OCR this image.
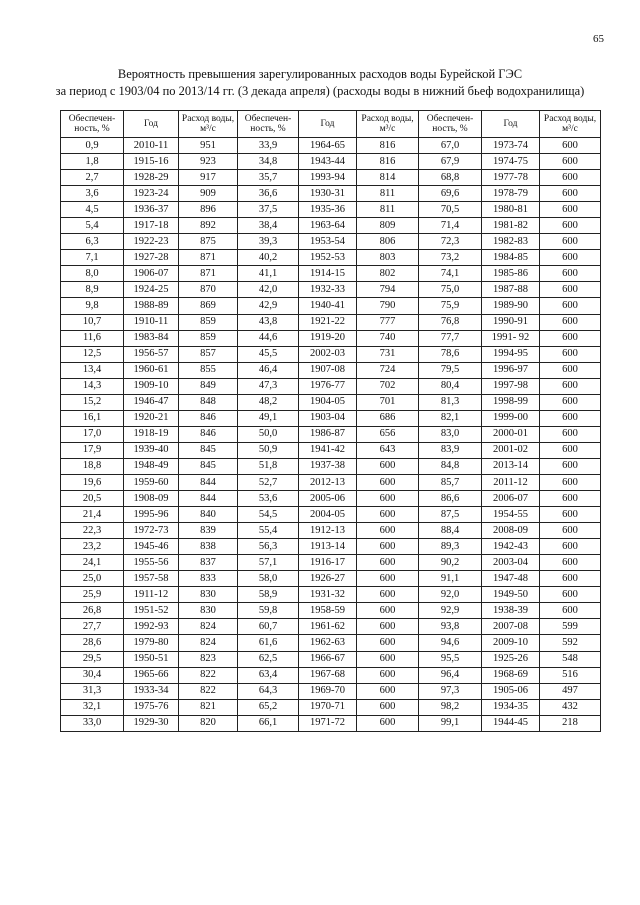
65
Вероятность превышения зарегулированных расходов воды Бурейской ГЭС
за период с 1903/04 по 2013/14 гг. (3 декада апреля) (расходы воды в нижний бьеф водохранилища)
Обеспечен-ность, %	Год	Расход воды, м³/с	Обеспечен-ность, %	Год	Расход воды, м³/с	Обеспечен-ность, %	Год	Расход воды, м³/с
0,9	2010-11	951	33,9	1964-65	816	67,0	1973-74	600
1,8	1915-16	923	34,8	1943-44	816	67,9	1974-75	600
2,7	1928-29	917	35,7	1993-94	814	68,8	1977-78	600
3,6	1923-24	909	36,6	1930-31	811	69,6	1978-79	600
4,5	1936-37	896	37,5	1935-36	811	70,5	1980-81	600
5,4	1917-18	892	38,4	1963-64	809	71,4	1981-82	600
6,3	1922-23	875	39,3	1953-54	806	72,3	1982-83	600
7,1	1927-28	871	40,2	1952-53	803	73,2	1984-85	600
8,0	1906-07	871	41,1	1914-15	802	74,1	1985-86	600
8,9	1924-25	870	42,0	1932-33	794	75,0	1987-88	600
9,8	1988-89	869	42,9	1940-41	790	75,9	1989-90	600
10,7	1910-11	859	43,8	1921-22	777	76,8	1990-91	600
11,6	1983-84	859	44,6	1919-20	740	77,7	1991- 92	600
12,5	1956-57	857	45,5	2002-03	731	78,6	1994-95	600
13,4	1960-61	855	46,4	1907-08	724	79,5	1996-97	600
14,3	1909-10	849	47,3	1976-77	702	80,4	1997-98	600
15,2	1946-47	848	48,2	1904-05	701	81,3	1998-99	600
16,1	1920-21	846	49,1	1903-04	686	82,1	1999-00	600
17,0	1918-19	846	50,0	1986-87	656	83,0	2000-01	600
17,9	1939-40	845	50,9	1941-42	643	83,9	2001-02	600
18,8	1948-49	845	51,8	1937-38	600	84,8	2013-14	600
19,6	1959-60	844	52,7	2012-13	600	85,7	2011-12	600
20,5	1908-09	844	53,6	2005-06	600	86,6	2006-07	600
21,4	1995-96	840	54,5	2004-05	600	87,5	1954-55	600
22,3	1972-73	839	55,4	1912-13	600	88,4	2008-09	600
23,2	1945-46	838	56,3	1913-14	600	89,3	1942-43	600
24,1	1955-56	837	57,1	1916-17	600	90,2	2003-04	600
25,0	1957-58	833	58,0	1926-27	600	91,1	1947-48	600
25,9	1911-12	830	58,9	1931-32	600	92,0	1949-50	600
26,8	1951-52	830	59,8	1958-59	600	92,9	1938-39	600
27,7	1992-93	824	60,7	1961-62	600	93,8	2007-08	599
28,6	1979-80	824	61,6	1962-63	600	94,6	2009-10	592
29,5	1950-51	823	62,5	1966-67	600	95,5	1925-26	548
30,4	1965-66	822	63,4	1967-68	600	96,4	1968-69	516
31,3	1933-34	822	64,3	1969-70	600	97,3	1905-06	497
32,1	1975-76	821	65,2	1970-71	600	98,2	1934-35	432
33,0	1929-30	820	66,1	1971-72	600	99,1	1944-45	218
